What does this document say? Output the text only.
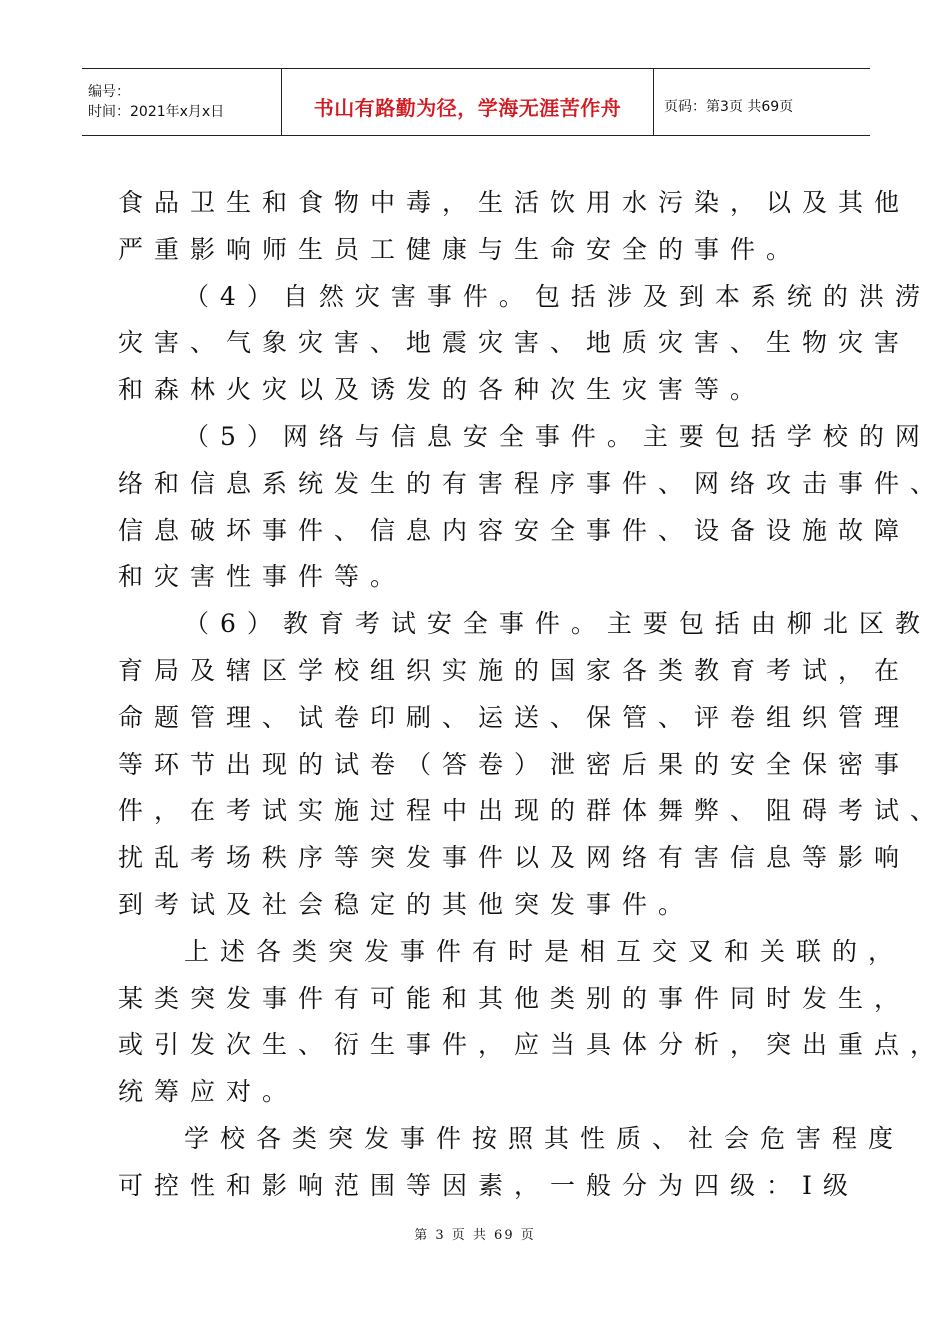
编号：
时间：2021年x月x日	书山有路勤为径，学海无涯苦作舟	页码：第3页 共69页
食品卫生和食物中毒，生活饮用水污染，以及其他
严重影响师生员工健康与生命安全的事件。
（4）自然灾害事件。包括涉及到本系统的洪涝
灾害、气象灾害、地震灾害、地质灾害、生物灾害
和森林火灾以及诱发的各种次生灾害等。
（5）网络与信息安全事件。主要包括学校的网
络和信息系统发生的有害程序事件、网络攻击事件、
信息破坏事件、信息内容安全事件、设备设施故障
和灾害性事件等。
（6）教育考试安全事件。主要包括由柳北区教
育局及辖区学校组织实施的国家各类教育考试，在
命题管理、试卷印刷、运送、保管、评卷组织管理
等环节出现的试卷（答卷）泄密后果的安全保密事
件，在考试实施过程中出现的群体舞弊、阻碍考试、
扰乱考场秩序等突发事件以及网络有害信息等影响
到考试及社会稳定的其他突发事件。
上述各类突发事件有时是相互交叉和关联的，
某类突发事件有可能和其他类别的事件同时发生，
或引发次生、衍生事件，应当具体分析，突出重点，
统筹应对。
学校各类突发事件按照其性质、社会危害程度
可控性和影响范围等因素，一般分为四级：Ⅰ级
第 3 页 共 69 页
